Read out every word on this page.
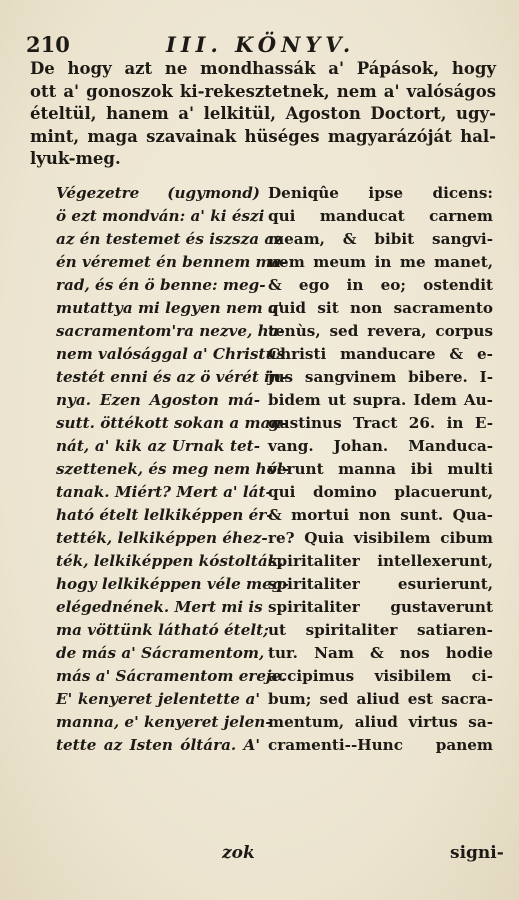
210	III. KÖNYV.
De hogy azt ne mondhassák a' Pápások, hogy
ott a' gonoszok ki-rekesztetnek, nem a' valóságos
ételtül, hanem a' lelkitül, Agoston Doctort, ugy-
mint, maga szavainak hüséges magyarázóját hal-
lyuk-meg.
Végezetre (ugymond)
ö ezt mondván: a' ki észi
az én testemet és iszsza az
én véremet én bennem ma-
rad, és én ö benne: meg-
mutattya mi legyen nem a'
sacramentom'ra nezve, ha-
nem valósággal a' Christus
testét enni és az ö vérét in-
nya. Ezen Agoston má-
sutt. öttékott sokan a man-
nát, a' kik az Urnak tet-
szettenek, és meg nem hól-
tanak. Miért? Mert a' lát-
ható ételt lelkiképpen ér-
tették, lelkiképpen éhez-
ték, lelkiképpen kóstolták,
hogy lelkiképpen véle meg-
elégednének. Mert mi is
ma vöttünk látható ételt;
de más a' Sácramentom,
más a' Sácramentom ereje.
E' kenyeret jelentette a'
manna, e' kenyeret jelen-
tette az Isten óltára. A'
Deniqûe ipse dicens:
qui manducat carnem
meam, & bibit sangvi-
nem meum in me manet,
& ego in eo; ostendit
quid sit non sacramento
tenùs, sed revera, corpus
Christi manducare & e-
jus sangvinem bibere. I-
bidem ut supra. Idem Au-
gustinus Tract 26. in E-
vang. Johan. Manduca-
verunt manna ibi multi
qui domino placuerunt,
& mortui non sunt. Qua-
re? Quia visibilem cibum
spiritaliter intellexerunt,
spiritaliter esurierunt,
spiritaliter gustaverunt
ut spiritaliter satiaren-
tur. Nam & nos hodie
accipimus visibilem ci-
bum; sed aliud est sacra-
mentum, aliud virtus sa-
cramenti--Hunc panem
zok	signi-
